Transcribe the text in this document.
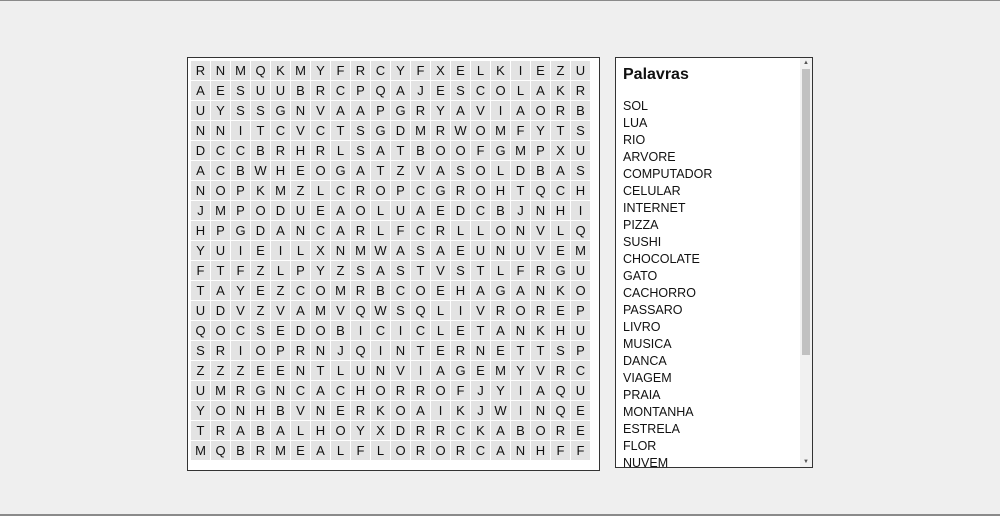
R N M Q K M Y F R C Y F X E L K	I	E Z U
A E S U U B R C P Q A J E S C O L A K R
U Y S S G N V A A P G R Y A V	I	A O R B
N N	I	T C V C T S G D M R W O M F Y T S
D C C B R H R L S A T B O O F G M P X U
A C B W H E O G A T Z V A S O L D B A S
N O P K M Z L C R O P C G R O H T Q C H
J M P O D U E A O L U A E D C B J N H	I
H P G D A N C A R L F C R L L O N V L Q
Y U	I	E	I	L X N M W A S A E U N U V E M
F T F Z L P Y Z S A S T V S T L F R G U
T A Y E Z C O M R B C O E H A G A N K O
U D V Z V A M V Q W S Q L	I	V R O R E P
Q O C S E D O B	I	C	I	C L E T A N K H U
S R	I	O P R N J Q	I	N T E R N E T T S P
Z Z Z E E N T L U N V	I	A G E M Y V R C
U M R G N C A C H O R R O F J Y	I	A Q U
Y O N H B V N E R K O A	I	K J W I	N Q E
T R A B A L H O Y X D R R C K A B O R E
M Q B R M E A L F L O R O R C A N H F F
Palavras
SOL
LUA
RIO
ARVORE
COMPUTADOR
CELULAR
INTERNET
PIZZA
SUSHI
CHOCOLATE
GATO
CACHORRO
PASSARO
LIVRO
MUSICA
DANCA
VIAGEM
PRAIA
MONTANHA
ESTRELA
FLOR
NUVEM
▲
▼
